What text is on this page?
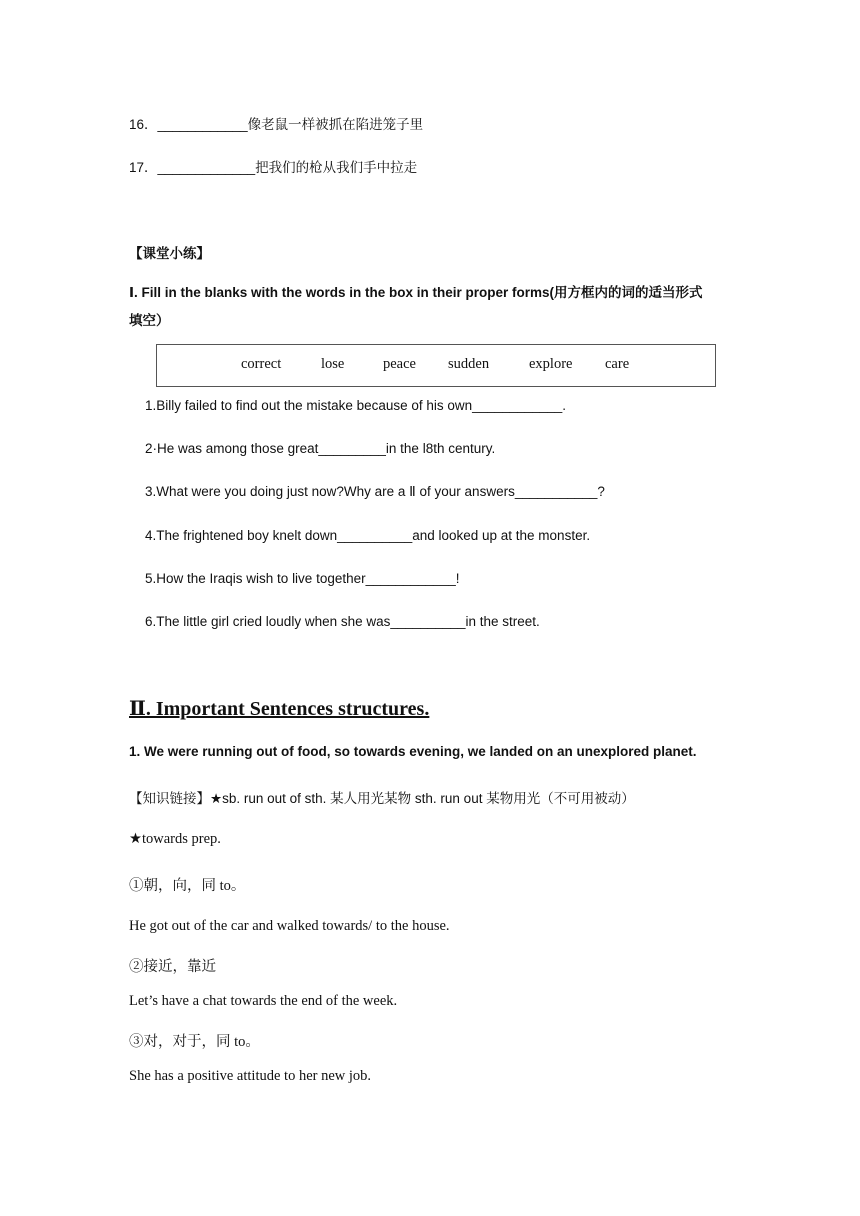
16．____________像老鼠一样被抓在陷进笼子里
17．_____________把我们的枪从我们手中拉走
【课堂小练】
Ⅰ. Fill in the blanks with the words in the box in their proper forms(用方框内的词的适当形式
填空）
correct	lose	peace sudden	explore care
1.Billy failed to find out the mistake because of his own____________.
2·He was among those great_________in the l8th century.
3.What were you doing just now?Why are a Ⅱ of your answers___________?
4.The frightened boy knelt down__________and looked up at the monster.
5.How the Iraqis wish to live together____________!
6.The little girl cried loudly when she was__________in the street.
Ⅱ. Important Sentences structures.
1. We were running out of food, so towards evening, we landed on an unexplored planet.
【知识链接】★sb. run out of sth. 某人用光某物 sth. run out 某物用光（不可用被动）
★towards prep.
①朝，向，同 to。
He got out of the car and walked towards/ to the house.
②接近，靠近
Let’s have a chat towards the end of the week.
③对，对于，同 to。
She has a positive attitude to her new job.
